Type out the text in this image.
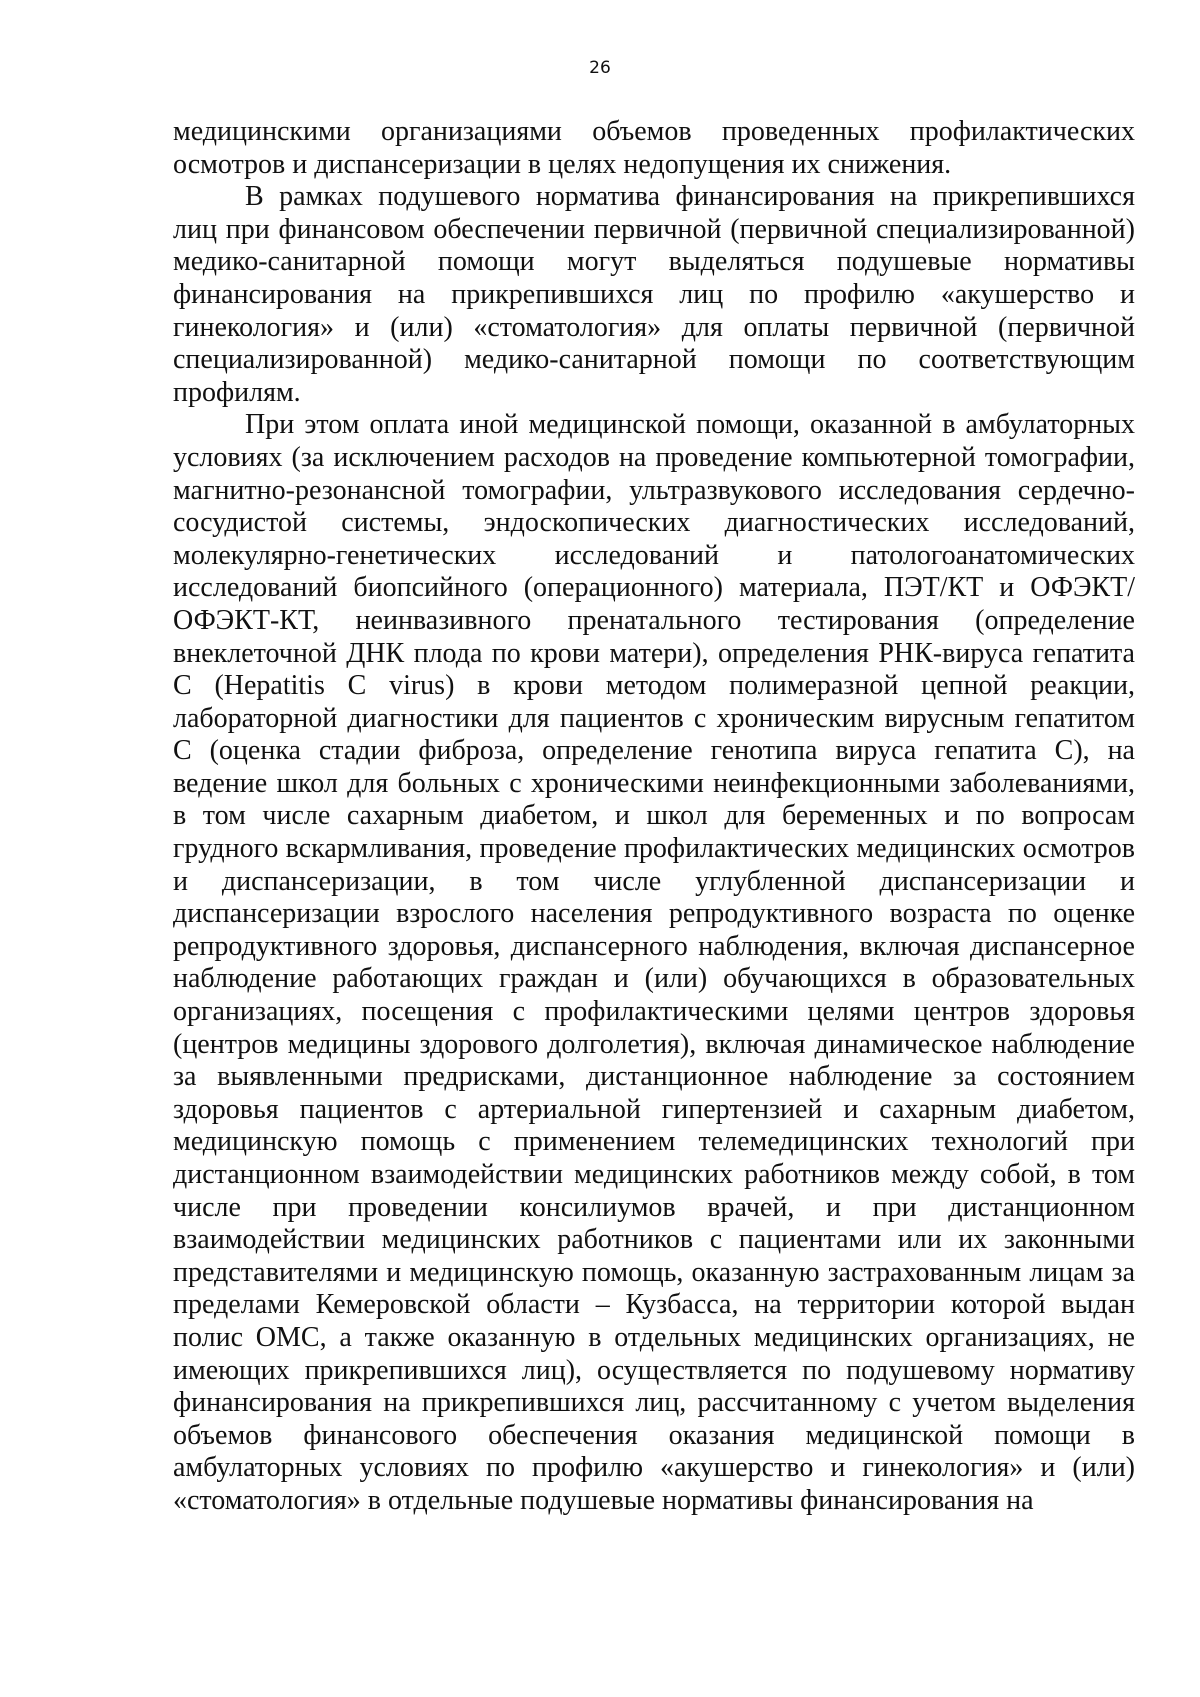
26

медицинскими организациями объемов проведенных профилактических осмотров и диспансеризации в целях недопущения их снижения.

В рамках подушевого норматива финансирования на прикрепившихся лиц при финансовом обеспечении первичной (первичной специализированной) медико-санитарной помощи могут выделяться подушевые нормативы финансирования на прикрепившихся лиц по профилю «акушерство и гинекология» и (или) «стоматология» для оплаты первичной (первичной специализированной) медико-санитарной помощи по соответствующим профилям.

При этом оплата иной медицинской помощи, оказанной в амбулаторных условиях (за исключением расходов на проведение компьютерной томографии, магнитно-резонансной томографии, ультразвукового исследования сердечно-сосудистой системы, эндоскопических диагностических исследований, молекулярно-генетических исследований и патологоанатомических исследований биопсийного (операционного) материала, ПЭТ/КТ и ОФЭКТ/ОФЭКТ-КТ, неинвазивного пренатального тестирования (определение внеклеточной ДНК плода по крови матери), определения РНК-вируса гепатита С (Hepatitis С virus) в крови методом полимеразной цепной реакции, лабораторной диагностики для пациентов с хроническим вирусным гепатитом С (оценка стадии фиброза, определение генотипа вируса гепатита С), на ведение школ для больных с хроническими неинфекционными заболеваниями, в том числе сахарным диабетом, и школ для беременных и по вопросам грудного вскармливания, проведение профилактических медицинских осмотров и диспансеризации, в том числе углубленной диспансеризации и диспансеризации взрослого населения репродуктивного возраста по оценке репродуктивного здоровья, диспансерного наблюдения, включая диспансерное наблюдение работающих граждан и (или) обучающихся в образовательных организациях, посещения с профилактическими целями центров здоровья (центров медицины здорового долголетия), включая динамическое наблюдение за выявленными предрисками, дистанционное наблюдение за состоянием здоровья пациентов с артериальной гипертензией и сахарным диабетом, медицинскую помощь с применением телемедицинских технологий при дистанционном взаимодействии медицинских работников между собой, в том числе при проведении консилиумов врачей, и при дистанционном взаимодействии медицинских работников с пациентами или их законными представителями и медицинскую помощь, оказанную застрахованным лицам за пределами Кемеровской области – Кузбасса, на территории которой выдан полис ОМС, а также оказанную в отдельных медицинских организациях, не имеющих прикрепившихся лиц), осуществляется по подушевому нормативу финансирования на прикрепившихся лиц, рассчитанному с учетом выделения объемов финансового обеспечения оказания медицинской помощи в амбулаторных условиях по профилю «акушерство и гинекология» и (или) «стоматология» в отдельные подушевые нормативы финансирования на
